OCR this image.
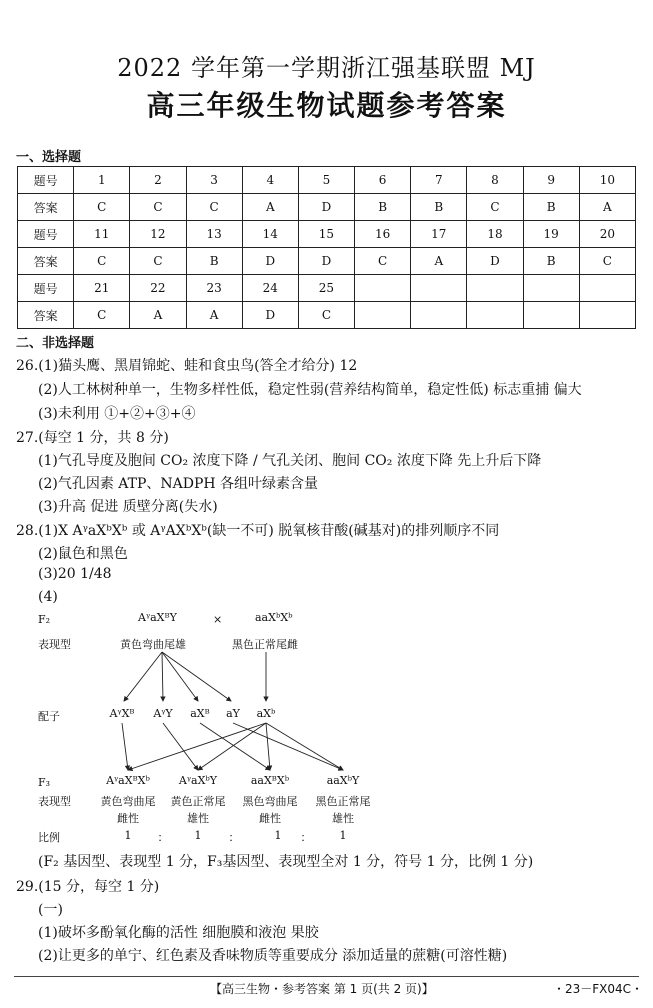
2022 学年第一学期浙江强基联盟 MJ
高三年级生物试题参考答案
一、选择题
题号	1	2	3	4	5	6	7	8	9	10
答案	C	C	C	A	D	B	B	C	B	A
题号	11	12	13	14	15	16	17	18	19	20
答案	C	C	B	D	D	C	A	D	B	C
题号	21	22	23	24	25					
答案	C	A	A	D	C					
二、非选择题
26.(1)猫头鹰、黑眉锦蛇、蛙和食虫鸟(答全才给分) 12
(2)人工林树种单一，生物多样性低，稳定性弱(营养结构简单，稳定性低) 标志重捕 偏大
(3)未利用 ①+②+③+④
27.(每空 1 分，共 8 分)
(1)气孔导度及胞间 CO₂ 浓度下降 / 气孔关闭、胞间 CO₂ 浓度下降 先上升后下降
(2)气孔因素 ATP、NADPH 各组叶绿素含量
(3)升高 促进 质壁分离(失水)
28.(1)X AᵞaXᵇXᵇ 或 AᵞAXᵇXᵇ(缺一不可) 脱氧核苷酸(碱基对)的排列顺序不同
(2)鼠色和黑色
(3)20 1/48
(4)
F₂	AᵞaXᴮY	×	aaXᵇXᵇ
表现型	黄色弯曲尾雄	黑色正常尾雌
配子	AᵞXᴮ	AᵞY	aXᴮ	aY	aXᵇ
F₃	AᵞaXᴮXᵇ	AᵞaXᵇY	aaXᴮXᵇ	aaXᵇY
表现型	黄色弯曲尾	黄色正常尾	黑色弯曲尾	黑色正常尾
雌性	雄性	雌性	雄性
比例	1	：	1	：	1	：	1
(F₂ 基因型、表现型 1 分，F₃基因型、表现型全对 1 分，符号 1 分，比例 1 分)
29.(15 分，每空 1 分)
(一)
(1)破坏多酚氧化酶的活性 细胞膜和液泡 果胶
(2)让更多的单宁、红色素及香味物质等重要成分 添加适量的蔗糖(可溶性糖)
【高三生物・参考答案 第 1 页(共 2 页)】	・23－FX04C・
